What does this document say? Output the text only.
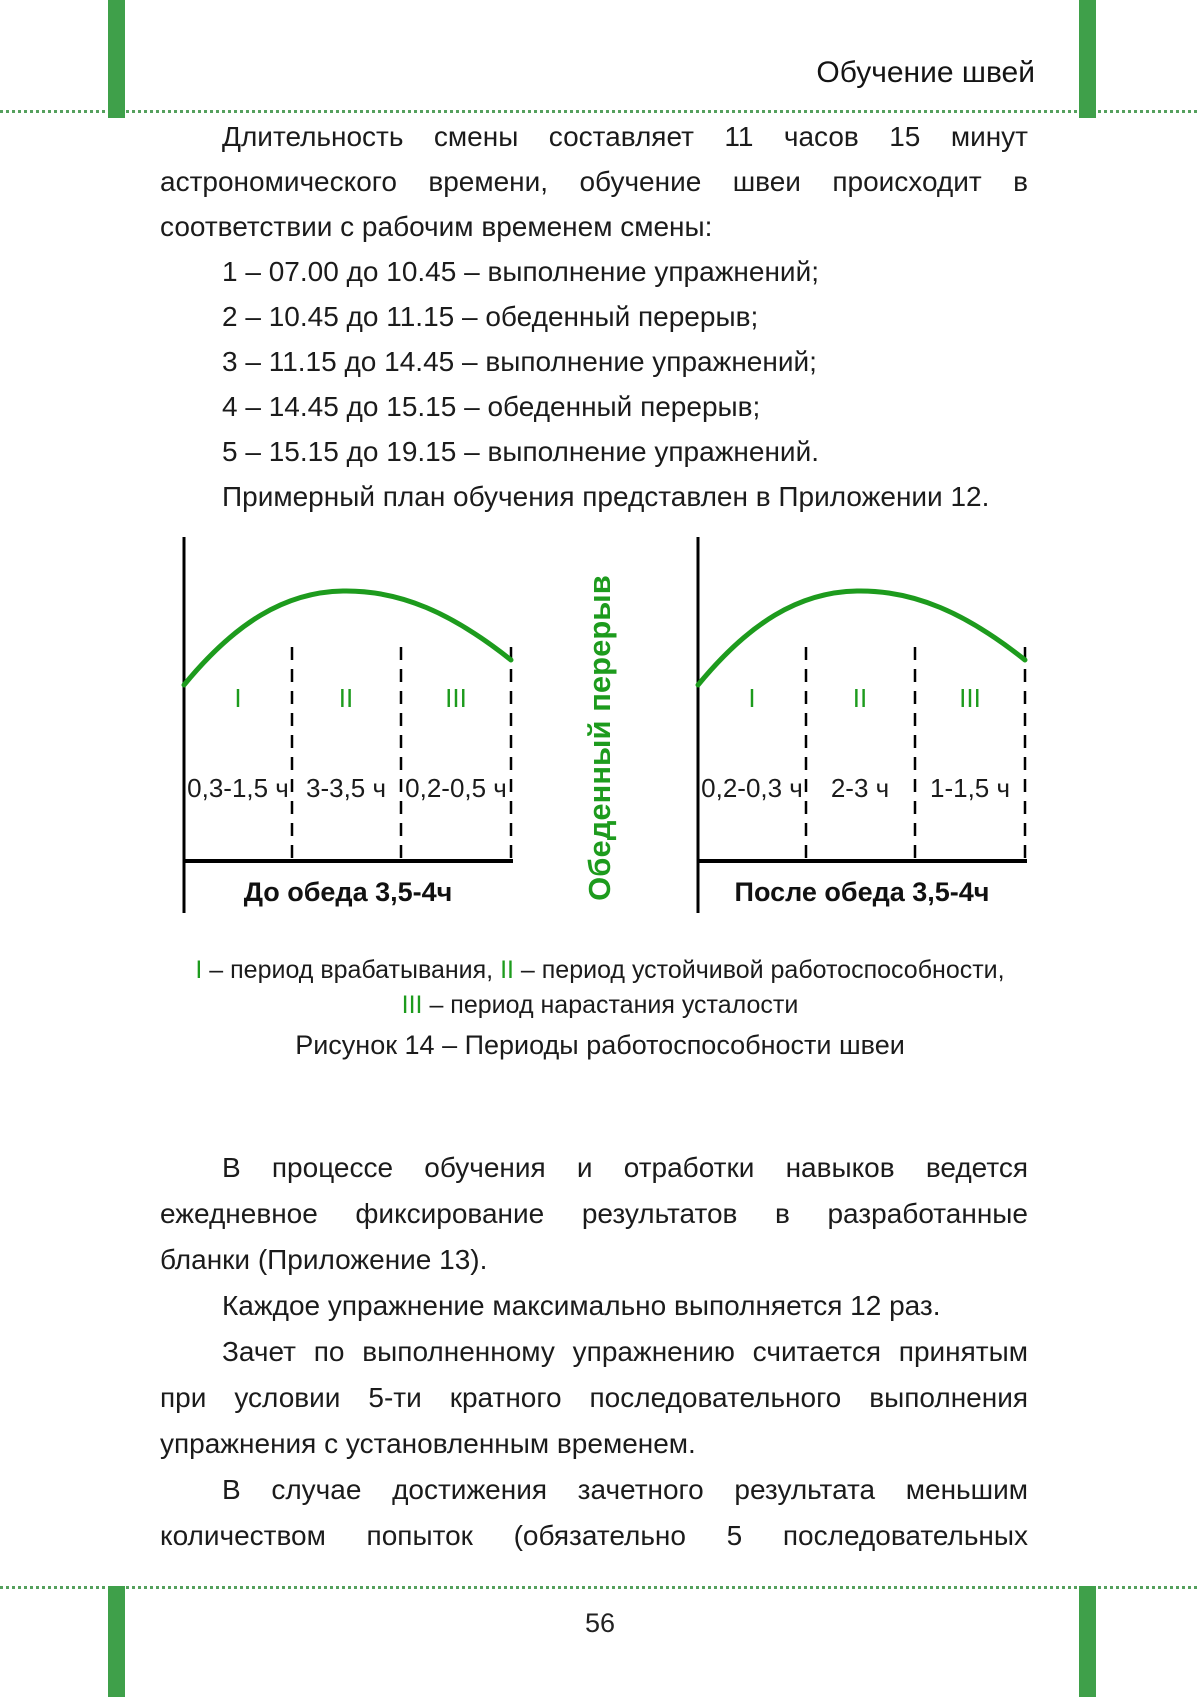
Обучение швей
Длительность смены составляет 11 часов 15 минут
астрономического времени, обучение швеи происходит в
соответствии с рабочим временем смены:
1 – 07.00 до 10.45 – выполнение упражнений;
2 – 10.45 до 11.15 – обеденный перерыв;
3 – 11.15 до 14.45 – выполнение упражнений;
4 – 14.45 до 15.15 – обеденный перерыв;
5 – 15.15 до 19.15 – выполнение упражнений.
Примерный план обучения представлен в Приложении 12.
I	II	III
0,3-1,5 ч 3-3,5 ч 0,2-0,5 ч
До обеда 3,5-4ч	Обеденный перерыв	I	II	III
0,2-0,3 ч 2-3 ч 1-1,5 ч
После обеда 3,5-4ч
I – период врабатывания, II – период устойчивой работоспособности,
III – период нарастания усталости
Рисунок 14 – Периоды работоспособности швеи
В процессе обучения и отработки навыков ведется
ежедневное фиксирование результатов в разработанные
бланки (Приложение 13).
Каждое упражнение максимально выполняется 12 раз.
Зачет по выполненному упражнению считается принятым
при условии 5-ти кратного последовательного выполнения
упражнения с установленным временем.
В случае достижения зачетного результата меньшим
количеством попыток (обязательно 5 последовательных
56
